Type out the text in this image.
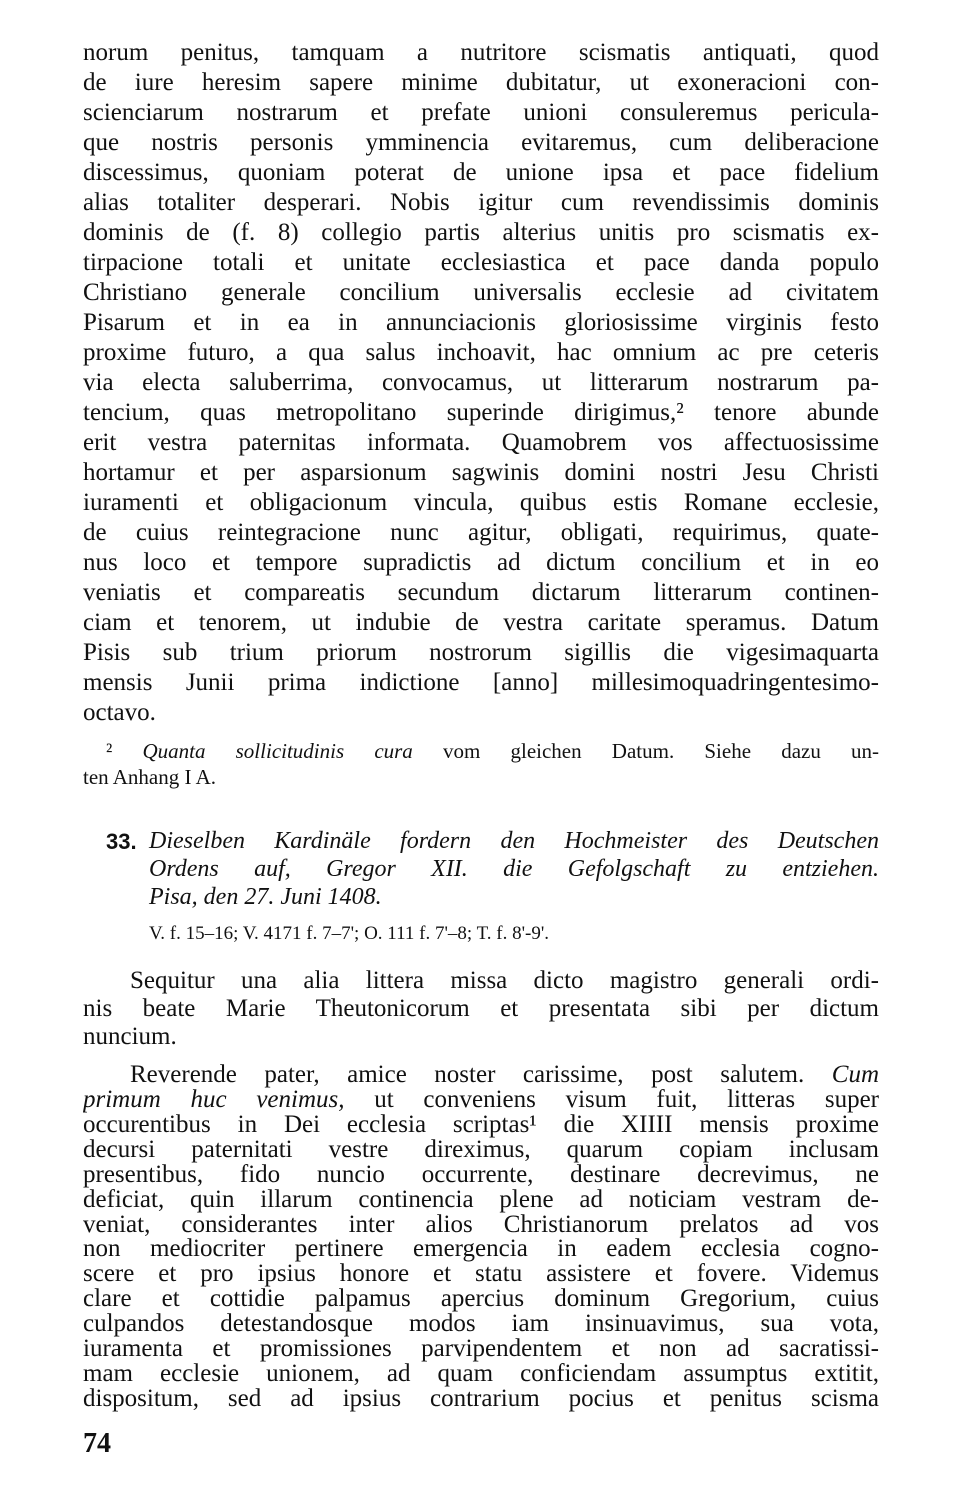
norum penitus, tamquam a nutritore scismatis antiquati, quod
de iure heresim sapere minime dubitatur, ut exoneracioni con-
scienciarum nostrarum et prefate unioni consuleremus pericula-
que nostris personis ymminencia evitaremus, cum deliberacione
discessimus, quoniam poterat de unione ipsa et pace fidelium
alias totaliter desperari. Nobis igitur cum revendissimis dominis
dominis de (f. 8) collegio partis alterius unitis pro scismatis ex-
tirpacione totali et unitate ecclesiastica et pace danda populo
Christiano generale concilium universalis ecclesie ad civitatem
Pisarum et in ea in annunciacionis gloriosissime virginis festo
proxime futuro, a qua salus inchoavit, hac omnium ac pre ceteris
via electa saluberrima, convocamus, ut litterarum nostrarum pa-
tencium, quas metropolitano superinde dirigimus,² tenore abunde
erit vestra paternitas informata. Quamobrem vos affectuosissime
hortamur et per asparsionum sagwinis domini nostri Jesu Christi
iuramenti et obligacionum vincula, quibus estis Romane ecclesie,
de cuius reintegracione nunc agitur, obligati, requirimus, quate-
nus loco et tempore supradictis ad dictum concilium et in eo
veniatis et compareatis secundum dictarum litterarum continen-
ciam et tenorem, ut indubie de vestra caritate speramus. Datum
Pisis sub trium priorum nostrorum sigillis die vigesimaquarta
mensis Junii prima indictione [anno] millesimoquadringentesimo-
octavo.
² Quanta sollicitudinis cura vom gleichen Datum. Siehe dazu un-
ten Anhang I A.
33. Dieselben Kardinäle fordern den Hochmeister des Deutschen
Ordens auf, Gregor XII. die Gefolgschaft zu entziehen.
Pisa, den 27. Juni 1408.
V. f. 15–16; V. 4171 f. 7–7'; O. 111 f. 7'–8; T. f. 8'-9'.
Sequitur una alia littera missa dicto magistro generali ordi-
nis beate Marie Theutonicorum et presentata sibi per dictum
nuncium.
Reverende pater, amice noster carissime, post salutem. Cum
primum huc venimus, ut conveniens visum fuit, litteras super
occurentibus in Dei ecclesia scriptas¹ die XIIII mensis proxime
decursi paternitati vestre direximus, quarum copiam inclusam
presentibus, fido nuncio occurrente, destinare decrevimus, ne
deficiat, quin illarum continencia plene ad noticiam vestram de-
veniat, considerantes inter alios Christianorum prelatos ad vos
non mediocriter pertinere emergencia in eadem ecclesia cogno-
scere et pro ipsius honore et statu assistere et fovere. Videmus
clare et cottidie palpamus apercius dominum Gregorium, cuius
culpandos detestandosque modos iam insinuavimus, sua vota,
iuramenta et promissiones parvipendentem et non ad sacratissi-
mam ecclesie unionem, ad quam conficiendam assumptus extitit,
dispositum, sed ad ipsius contrarium pocius et penitus scisma
74
